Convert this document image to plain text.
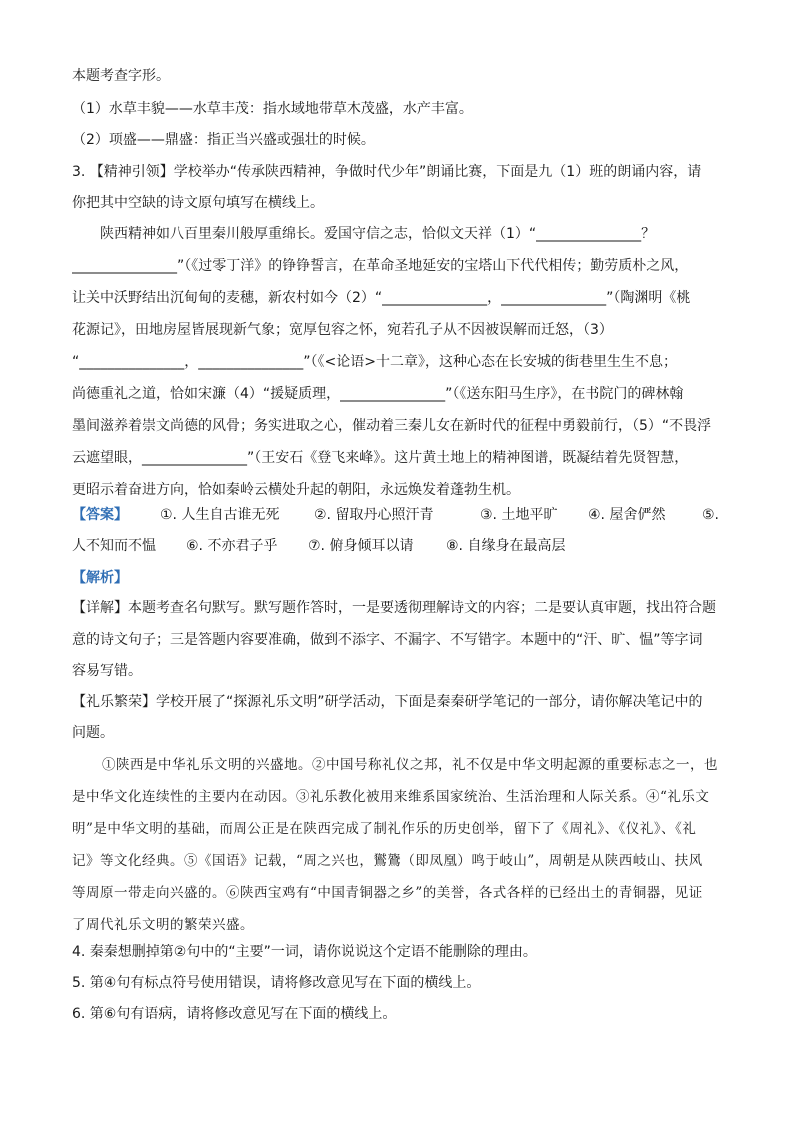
本题考查字形。
（1）水草丰貌——水草丰茂：指水域地带草木茂盛，水产丰富。
（2）项盛——鼎盛：指正当兴盛或强壮的时候。
3. 【精神引领】学校举办“传承陕西精神，争做时代少年”朗诵比赛，下面是九（1）班的朗诵内容，请
你把其中空缺的诗文原句填写在横线上。
陕西精神如八百里秦川般厚重绵长。爱国守信之志，恰似文天祥（1）“_______________？
_______________”（《过零丁洋》的铮铮誓言，在革命圣地延安的宝塔山下代代相传；勤劳质朴之风，
让关中沃野结出沉甸甸的麦穗，新农村如今（2）“_______________，_______________”（陶渊明《桃
花源记》，田地房屋皆展现新气象；宽厚包容之怀，宛若孔子从不因被误解而迁怒，（3）
“_______________，_______________”（《<论语>十二章》，这种心态在长安城的街巷里生生不息；
尚德重礼之道，恰如宋濂（4）“援疑质理，_______________”（《送东阳马生序》，在书院门的碑林翰
墨间滋养着崇文尚德的风骨；务实进取之心，催动着三秦儿女在新时代的征程中勇毅前行，（5）“不畏浮
云遮望眼，_______________”（王安石《登飞来峰》。这片黄土地上的精神图谱，既凝结着先贤智慧，
更昭示着奋进方向，恰如秦岭云横处升起的朝阳，永远焕发着蓬勃生机。
【答案】 ①. 人生自古谁无死 ②. 留取丹心照汗青	③. 土地平旷 ④. 屋舍俨然	⑤.
人不知而不愠 ⑥. 不亦君子乎 ⑦. 俯身倾耳以请 ⑧. 自缘身在最高层
【解析】
【详解】本题考查名句默写。默写题作答时，一是要透彻理解诗文的内容；二是要认真审题，找出符合题
意的诗文句子；三是答题内容要准确，做到不添字、不漏字、不写错字。本题中的“汗、旷、愠”等字词
容易写错。
【礼乐繁荣】学校开展了“探源礼乐文明”研学活动，下面是秦秦研学笔记的一部分，请你解决笔记中的
问题。
①陕西是中华礼乐文明的兴盛地。②中国号称礼仪之邦，礼不仅是中华文明起源的重要标志之一，也
是中华文化连续性的主要内在动因。③礼乐教化被用来维系国家统治、生活治理和人际关系。④“礼乐文
明”是中华文明的基础，而周公正是在陕西完成了制礼作乐的历史创举，留下了《周礼》、《仪礼》、《礼
记》等文化经典。⑤《国语》记载，“周之兴也，鸑鷟（即凤凰）鸣于岐山”，周朝是从陕西岐山、扶风
等周原一带走向兴盛的。⑥陕西宝鸡有“中国青铜器之乡”的美誉，各式各样的已经出土的青铜器，见证
了周代礼乐文明的繁荣兴盛。
4. 秦秦想删掉第②句中的“主要”一词，请你说说这个定语不能删除的理由。
5. 第④句有标点符号使用错误，请将修改意见写在下面的横线上。
6. 第⑥句有语病，请将修改意见写在下面的横线上。
